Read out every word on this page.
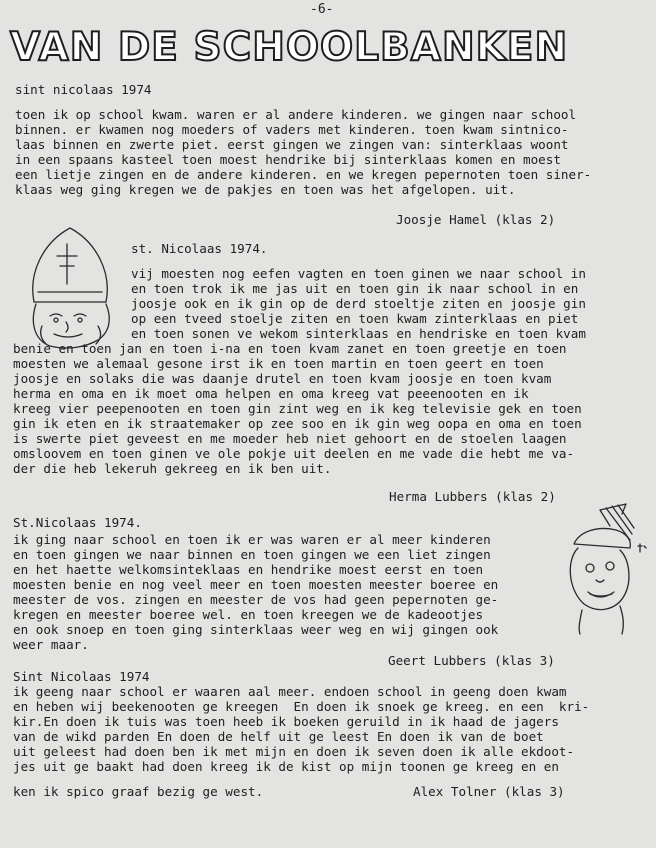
-6-
VAN DE SCHOOLBANKEN
sint nicolaas 1974
toen ik op school kwam. waren er al andere kinderen. we gingen naar school
binnen. er kwamen nog moeders of vaders met kinderen. toen kwam sintnico-
laas binnen en zwerte piet. eerst gingen we zingen van: sinterklaas woont
in een spaans kasteel toen moest hendrike bij sinterklaas komen en moest
een lietje zingen en de andere kinderen. en we kregen pepernoten toen siner-
klaas weg ging kregen we de pakjes en toen was het afgelopen. uit.
Joosje Hamel (klas 2)
st. Nicolaas 1974.
vij moesten nog eefen vagten en toen ginen we naar school in
en toen trok ik me jas uit en toen gin ik naar school in en
joosje ook en ik gin op de derd stoeltje ziten en joosje gin
op een tveed stoelje ziten en toen kwam zinterklaas en piet
en toen sonen ve wekom sinterklaas en hendriske en toen kvam
benie en toen jan en toen i-na en toen kvam zanet en toen greetje en toen
moesten we alemaal gesone irst ik en toen martin en toen geert en toen
joosje en solaks die was daanje drutel en toen kvam joosje en toen kvam
herma en oma en ik moet oma helpen en oma kreeg vat peeenooten en ik
kreeg vier peepenooten en toen gin zint weg en ik keg televisie gek en toen
gin ik eten en ik straatemaker op zee soo en ik gin weg oopa en oma en toen
is swerte piet geveest en me moeder heb niet gehoort en de stoelen laagen
omsloovem en toen ginen ve ole pokje uit deelen en me vade die hebt me va-
der die heb lekeruh gekreeg en ik ben uit.
Herma Lubbers (klas 2)
St.Nicolaas 1974.
ik ging naar school en toen ik er was waren er al meer kinderen
en toen gingen we naar binnen en toen gingen we een liet zingen
en het haette welkomsinteklaas en hendrike moest eerst en toen
moesten benie en nog veel meer en toen moesten meester boeree en
meester de vos. zingen en meester de vos had geen pepernoten ge-
kregen en meester boeree wel. en toen kreegen we de kadeootjes
en ook snoep en toen ging sinterklaas weer weg en wij gingen ook
weer maar.
Geert Lubbers (klas 3)
Sint Nicolaas 1974
ik geeng naar school er waaren aal meer. endoen school in geeng doen kwam
en heben wij beekenooten ge kreegen  En doen ik snoek ge kreeg. en een  kri-
kir.En doen ik tuis was toen heeb ik boeken geruild in ik haad de jagers
van de wikd parden En doen de helf uit ge leest En doen ik van de boet
uit geleest had doen ben ik met mijn en doen ik seven doen ik alle ekdoot-
jes uit ge baakt had doen kreeg ik de kist op mijn toonen ge kreeg en en
ken ik spico graaf bezig ge west.	Alex Tolner (klas 3)
